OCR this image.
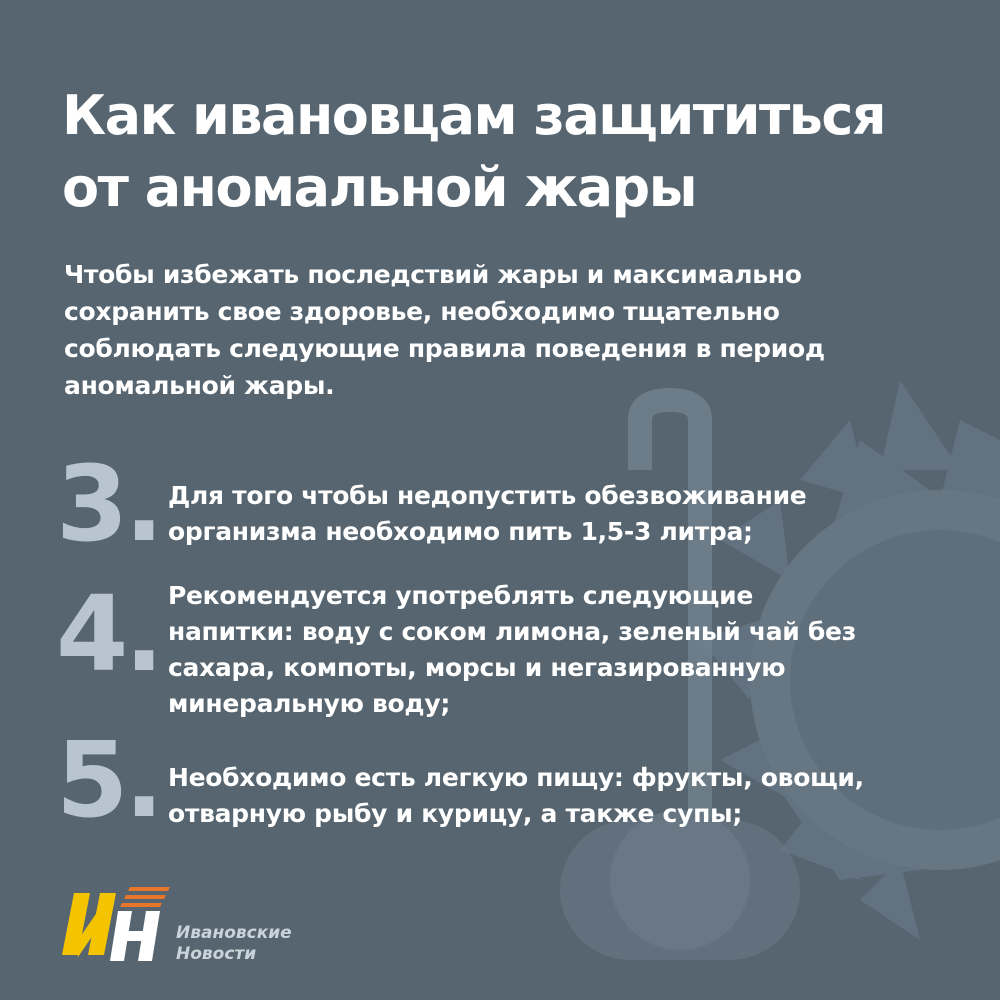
Как ивановцам защититься
от аномальной жары

Чтобы избежать последствий жары и максимально
сохранить свое здоровье, необходимо тщательно
соблюдать следующие правила поведения в период
аномальной жары.

3. Для того чтобы недопустить обезвоживание
организма необходимо пить 1,5-3 литра;
4. Рекомендуется употреблять следующие
напитки: воду с соком лимона, зеленый чай без
сахара, компоты, морсы и негазированную
минеральную воду;
5. Необходимо есть легкую пищу: фрукты, овощи,
отварную рыбу и курицу, а также супы;
Ивановские
Новости
